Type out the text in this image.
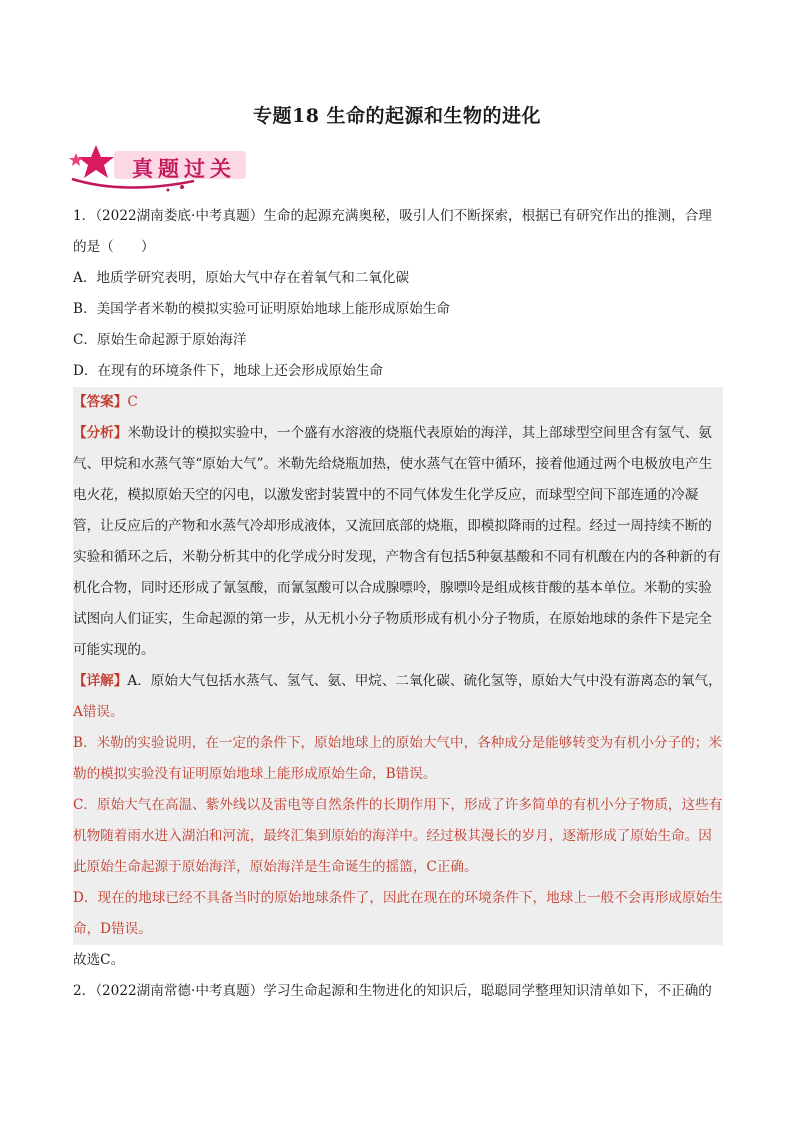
专题18 生命的起源和生物的进化
真题过关

1．（2022湖南娄底·中考真题）生命的起源充满奥秘，吸引人们不断探索，根据已有研究作出的推测，合理的是（　　）

A．地质学研究表明，原始大气中存在着氧气和二氧化碳

B．美国学者米勒的模拟实验可证明原始地球上能形成原始生命

C．原始生命起源于原始海洋

D．在现有的环境条件下，地球上还会形成原始生命

【答案】C

【分析】米勒设计的模拟实验中，一个盛有水溶液的烧瓶代表原始的海洋，其上部球型空间里含有氢气、氨气、甲烷和水蒸气等“原始大气”。米勒先给烧瓶加热，使水蒸气在管中循环，接着他通过两个电极放电产生电火花，模拟原始天空的闪电，以激发密封装置中的不同气体发生化学反应，而球型空间下部连通的冷凝管，让反应后的产物和水蒸气冷却形成液体，又流回底部的烧瓶，即模拟降雨的过程。经过一周持续不断的实验和循环之后，米勒分析其中的化学成分时发现，产物含有包括5种氨基酸和不同有机酸在内的各种新的有机化合物，同时还形成了氰氢酸，而氰氢酸可以合成腺嘌呤，腺嘌呤是组成核苷酸的基本单位。米勒的实验试图向人们证实，生命起源的第一步，从无机小分子物质形成有机小分子物质，在原始地球的条件下是完全可能实现的。

【详解】A．原始大气包括水蒸气、氢气、氨、甲烷、二氧化碳、硫化氢等，原始大气中没有游离态的氧气，
A错误。

B．米勒的实验说明，在一定的条件下，原始地球上的原始大气中，各种成分是能够转变为有机小分子的；米勒的模拟实验没有证明原始地球上能形成原始生命，B错误。

C．原始大气在高温、紫外线以及雷电等自然条件的长期作用下，形成了许多简单的有机小分子物质，这些有机物随着雨水进入湖泊和河流，最终汇集到原始的海洋中。经过极其漫长的岁月，逐渐形成了原始生命。因此原始生命起源于原始海洋，原始海洋是生命诞生的摇篮，C正确。

D．现在的地球已经不具备当时的原始地球条件了，因此在现在的环境条件下，地球上一般不会再形成原始生命，D错误。

故选C。

2．（2022湖南常德·中考真题）学习生命起源和生物进化的知识后，聪聪同学整理知识清单如下，不正确的
